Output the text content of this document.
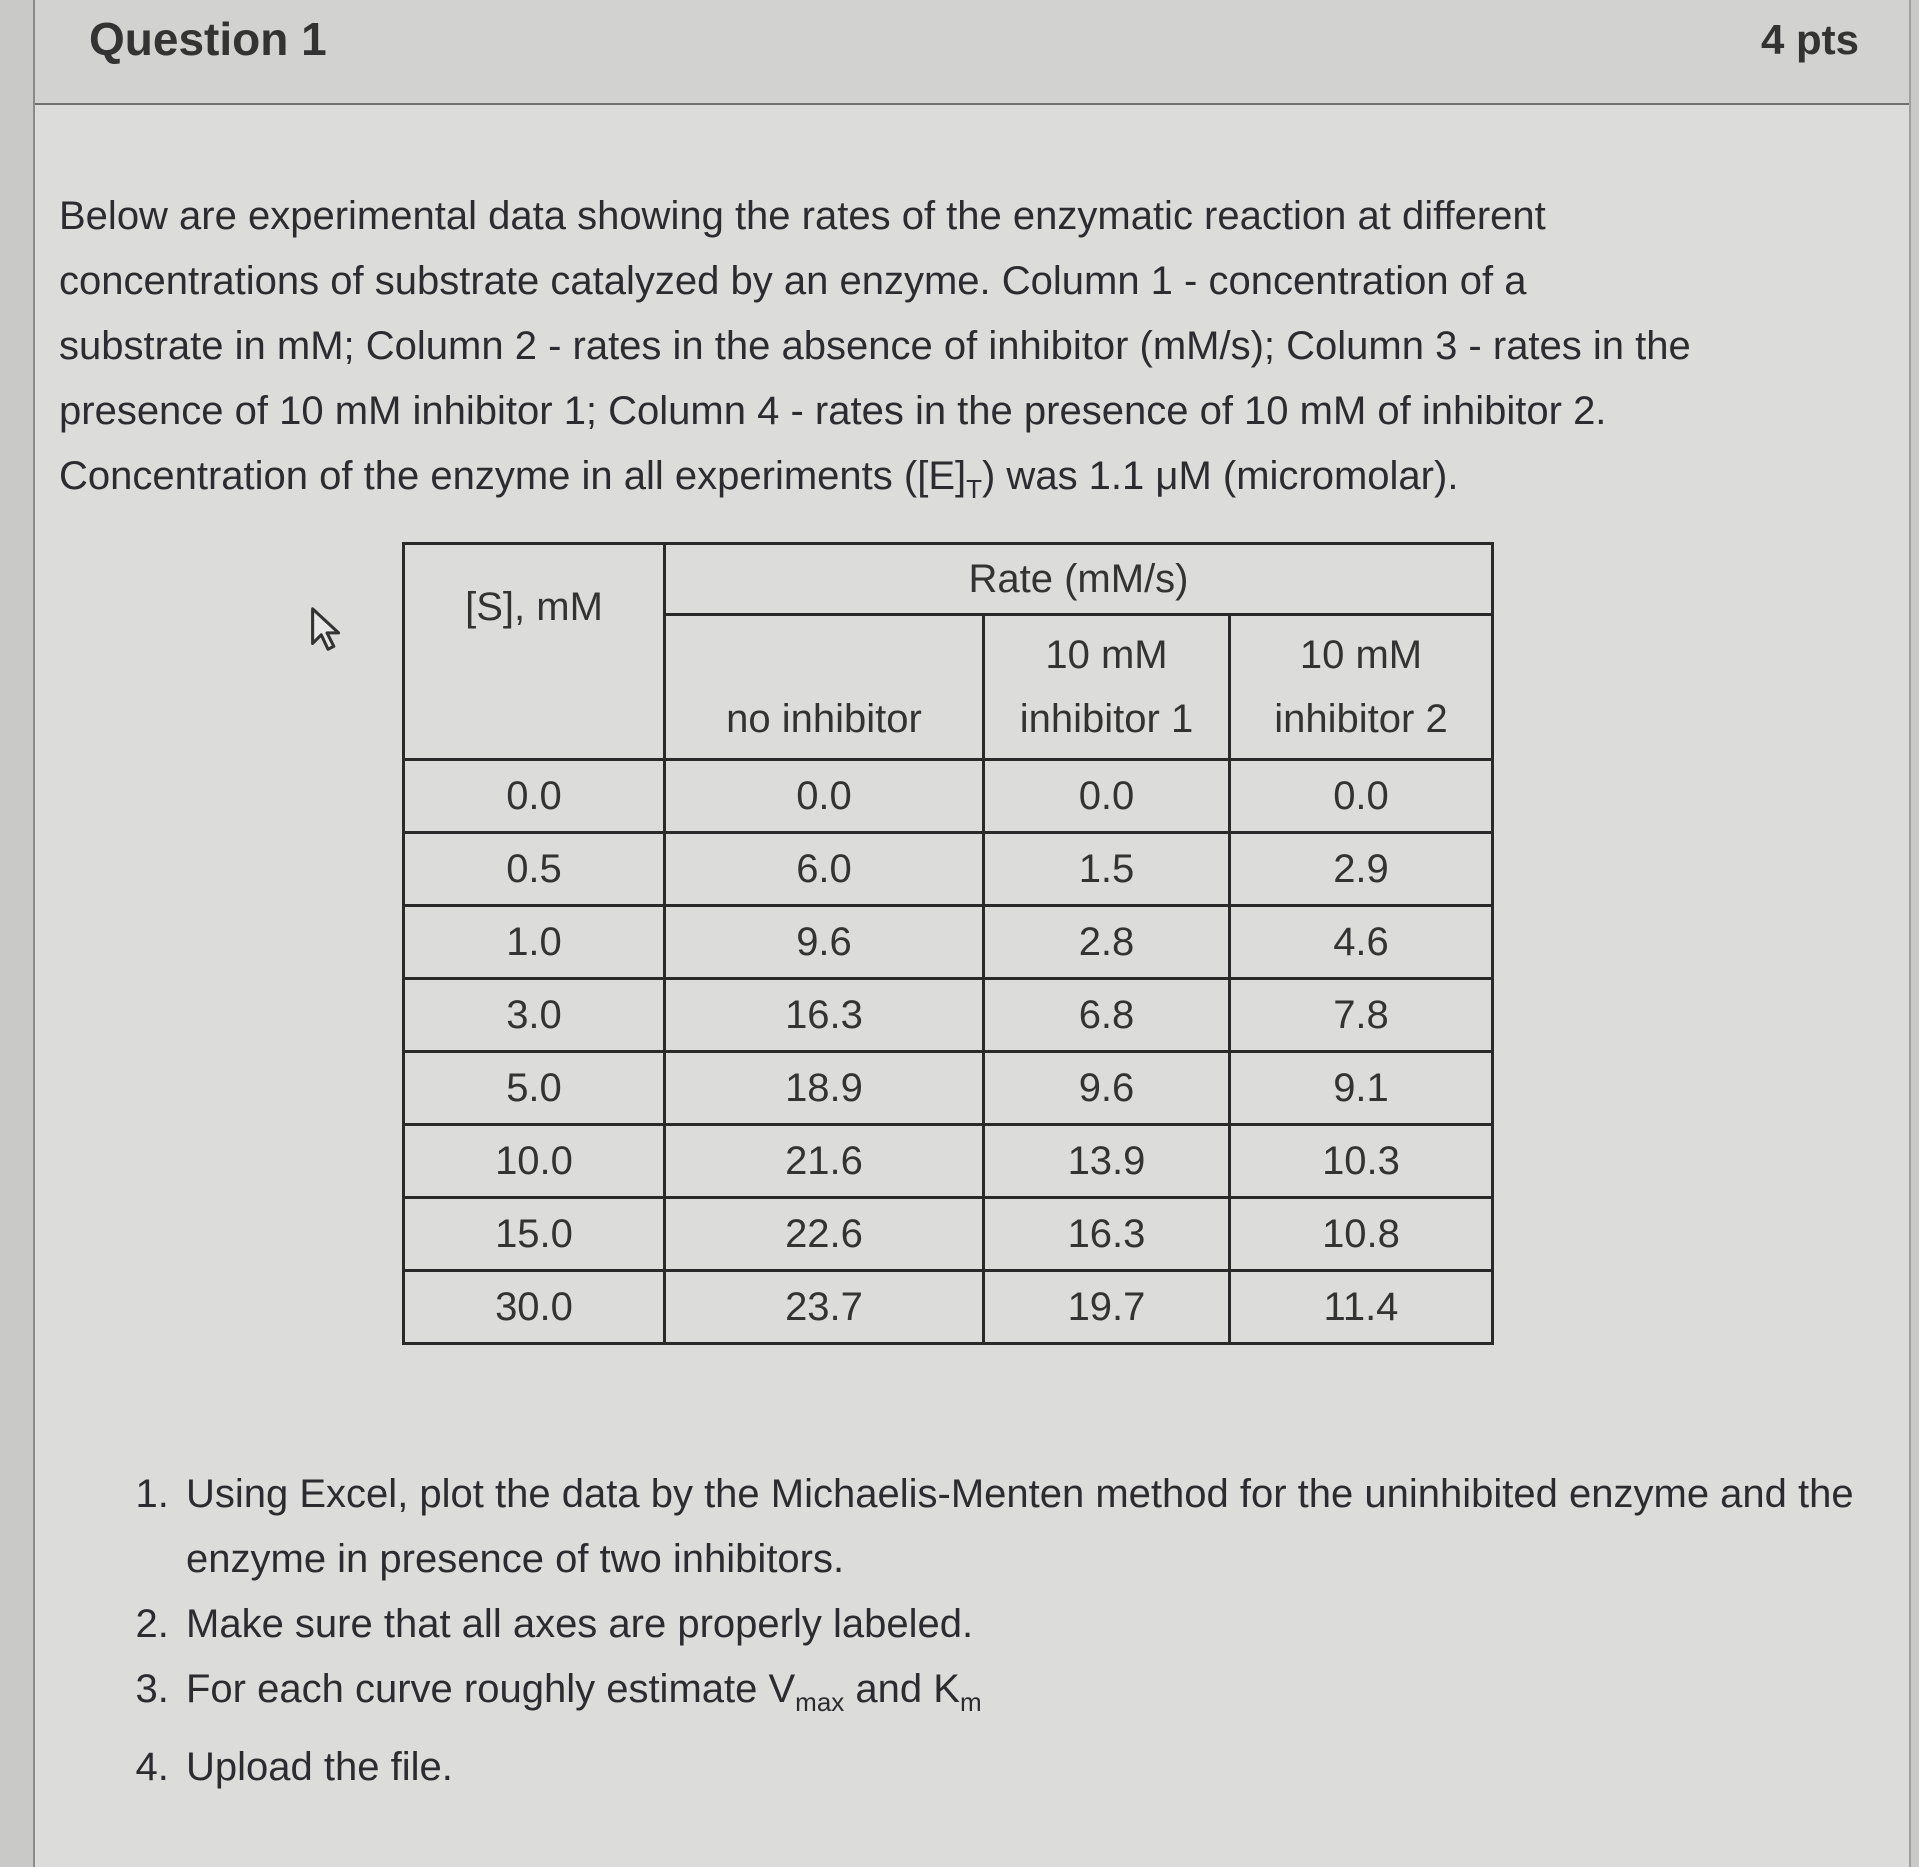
Question 1	4 pts

Below are experimental data showing the rates of the enzymatic reaction at different

concentrations of substrate catalyzed by an enzyme. Column 1 - concentration of a

substrate in mM; Column 2 - rates in the absence of inhibitor (mM/s); Column 3 - rates in the

presence of 10 mM inhibitor 1; Column 4 - rates in the presence of 10 mM of inhibitor 2.

Concentration of the enzyme in all experiments $([E]_T)$ was 1.1 μM (micromolar).

[S], mM	Rate (mM/s)		

	no inhibitor	10 mM
inhibitor 1	10 mM
inhibitor 2

0.0	0.0	0.0	0.0
0.5	6.0	1.5	2.9
1.0	9.6	2.8	4.6
3.0	16.3	6.8	7.8
5.0	18.9	9.6	9.1
10.0	21.6	13.9	10.3
15.0	22.6	16.3	10.8
30.0	23.7	19.7	11.4
1. Using Excel, plot the data by the Michaelis-Menten method for the uninhibited enzyme and the enzyme in presence of two inhibitors.
2. Make sure that all axes are properly labeled.
3. For each curve roughly estimate $V_{max}$ and $K_m$
4. Upload the file.
